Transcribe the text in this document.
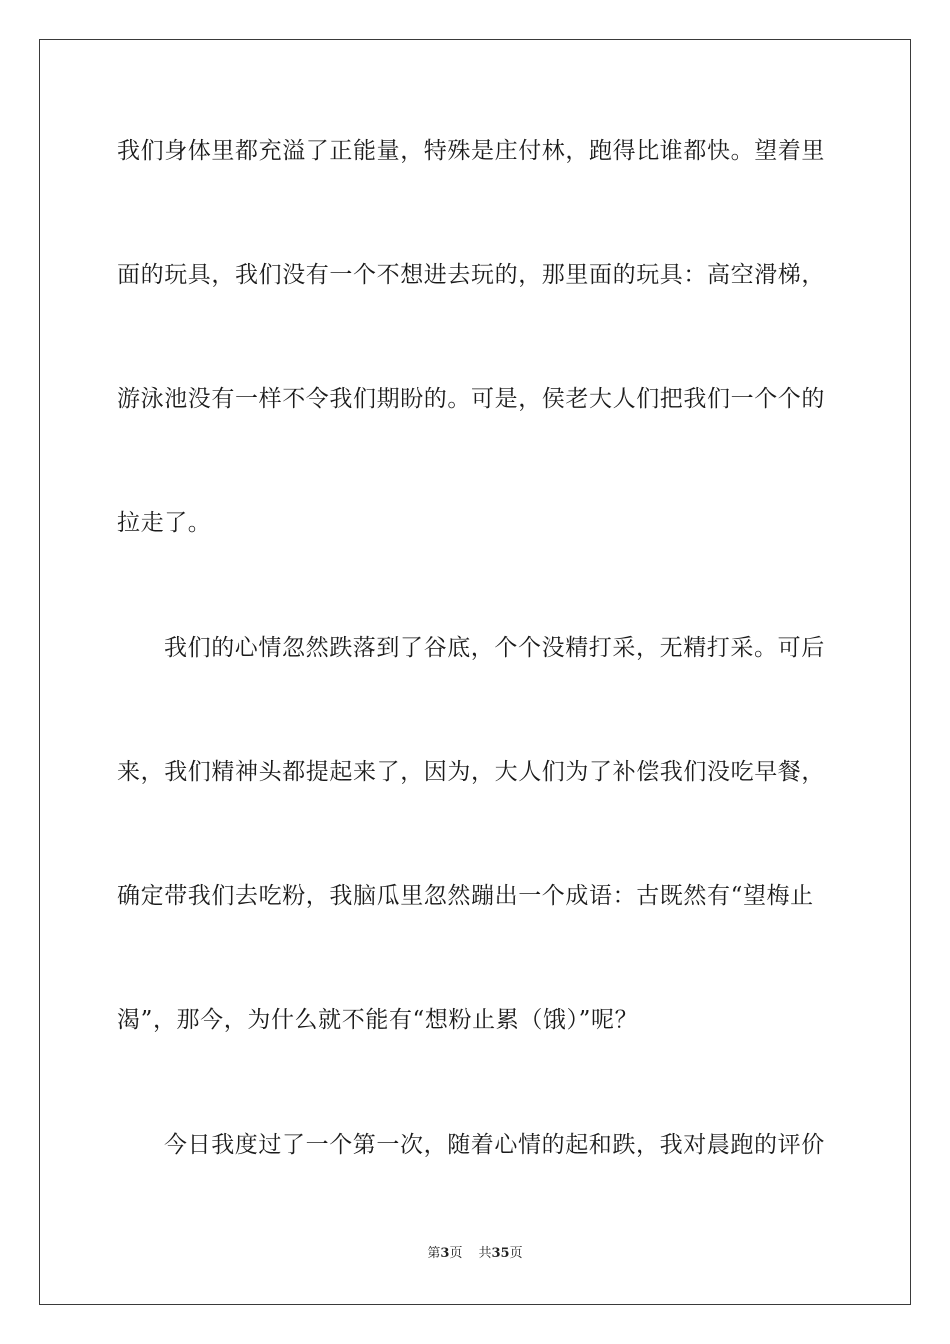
我们身体里都充溢了正能量，特殊是庄付林，跑得比谁都快。望着里
面的玩具，我们没有一个不想进去玩的，那里面的玩具：高空滑梯，
游泳池没有一样不令我们期盼的。可是，侯老大人们把我们一个个的
拉走了。
我们的心情忽然跌落到了谷底，个个没精打采，无精打采。可后
来，我们精神头都提起来了，因为，大人们为了补偿我们没吃早餐，
确定带我们去吃粉，我脑瓜里忽然蹦出一个成语：古既然有“望梅止
渴”，那今，为什么就不能有“想粉止累（饿）”呢？
今日我度过了一个第一次，随着心情的起和跌，我对晨跑的评价
第3页 共35页
